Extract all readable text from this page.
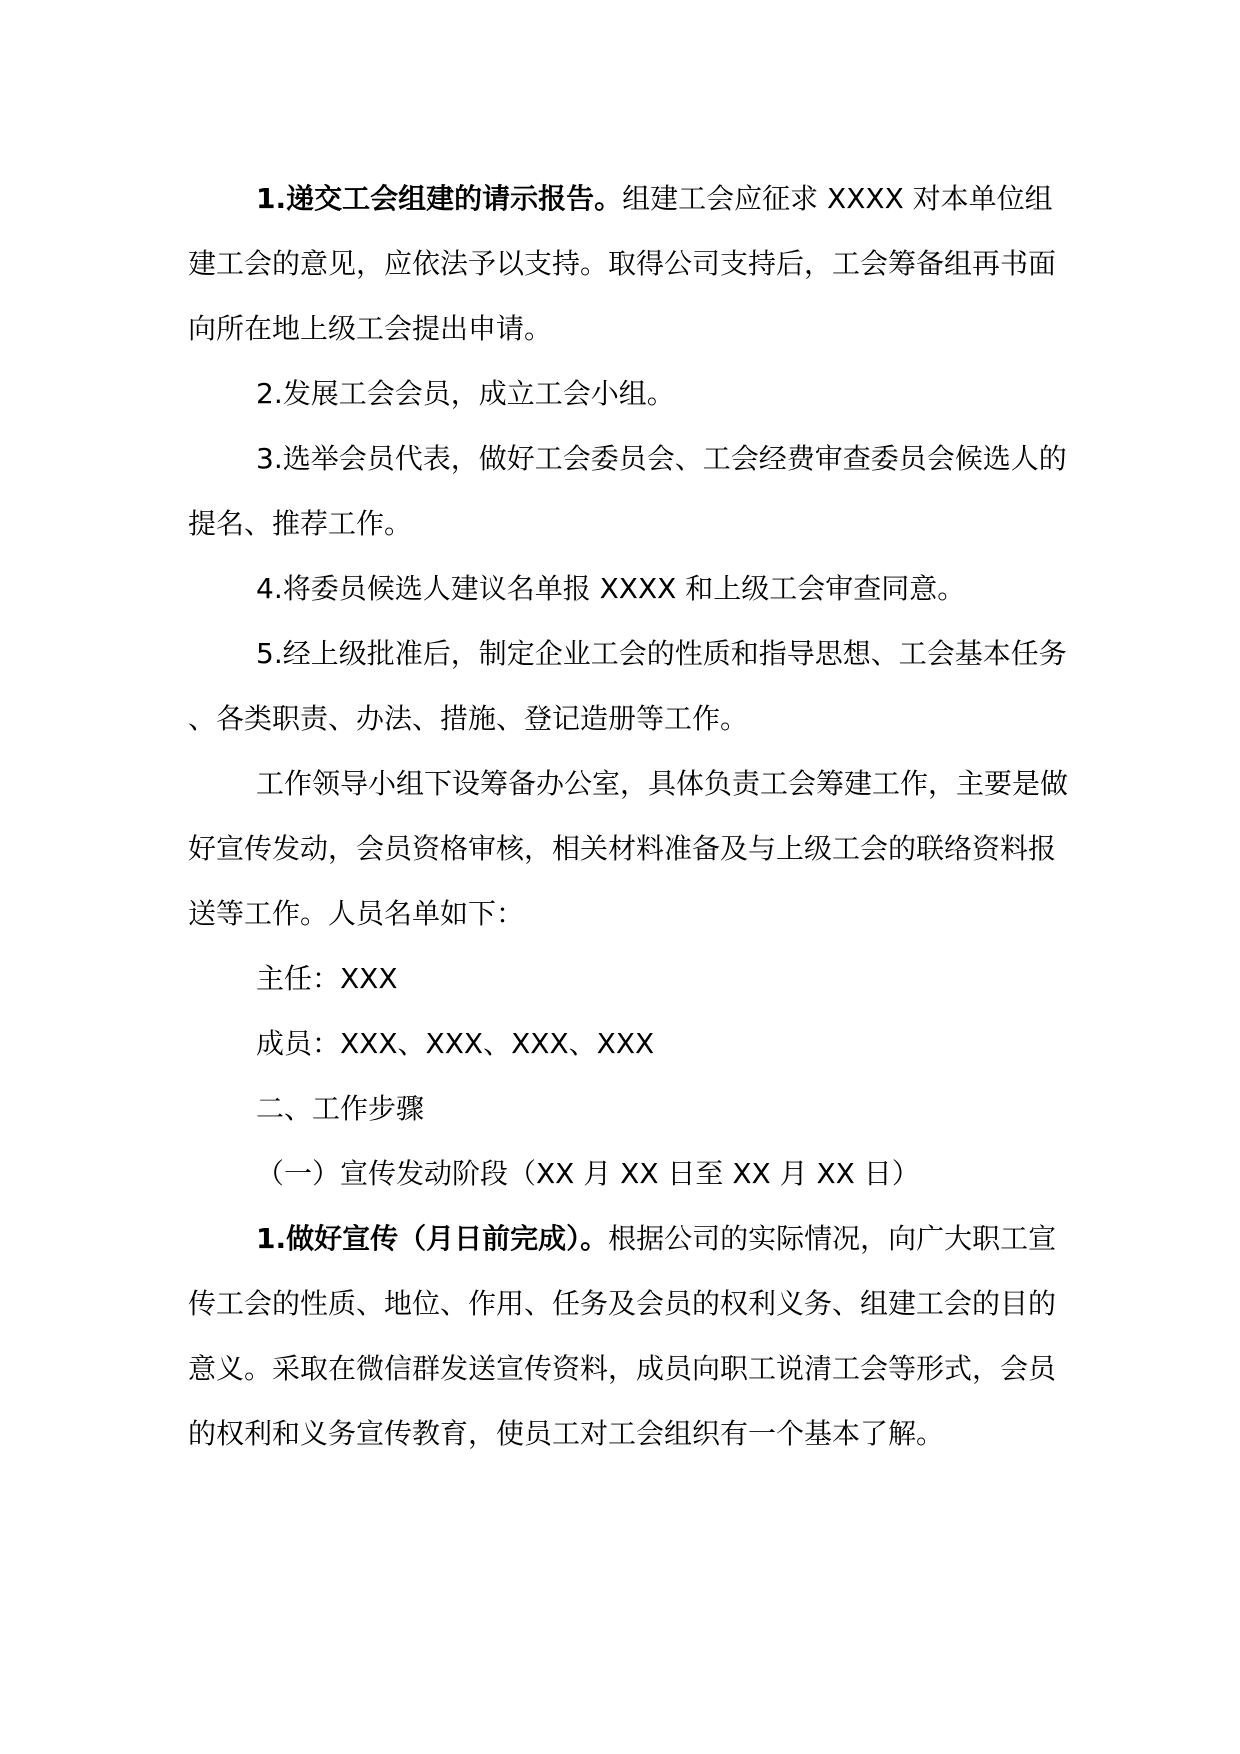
1.递交工会组建的请示报告。组建工会应征求 XXXX 对本单位组建工会的意见，应依法予以支持。取得公司支持后，工会筹备组再书面向所在地上级工会提出申请。

2.发展工会会员，成立工会小组。

3.选举会员代表，做好工会委员会、工会经费审查委员会候选人的提名、推荐工作。

4.将委员候选人建议名单报 XXXX 和上级工会审查同意。

5.经上级批准后，制定企业工会的性质和指导思想、工会基本任务、各类职责、办法、措施、登记造册等工作。

工作领导小组下设筹备办公室，具体负责工会筹建工作，主要是做好宣传发动，会员资格审核，相关材料准备及与上级工会的联络资料报送等工作。人员名单如下：

主任：XXX

成员：XXX、XXX、XXX、XXX

二、工作步骤

（一）宣传发动阶段（XX 月 XX 日至 XX 月 XX 日）

1.做好宣传（月日前完成）。根据公司的实际情况，向广大职工宣传工会的性质、地位、作用、任务及会员的权利义务、组建工会的目的意义。采取在微信群发送宣传资料，成员向职工说清工会等形式，会员的权利和义务宣传教育，使员工对工会组织有一个基本了解。
